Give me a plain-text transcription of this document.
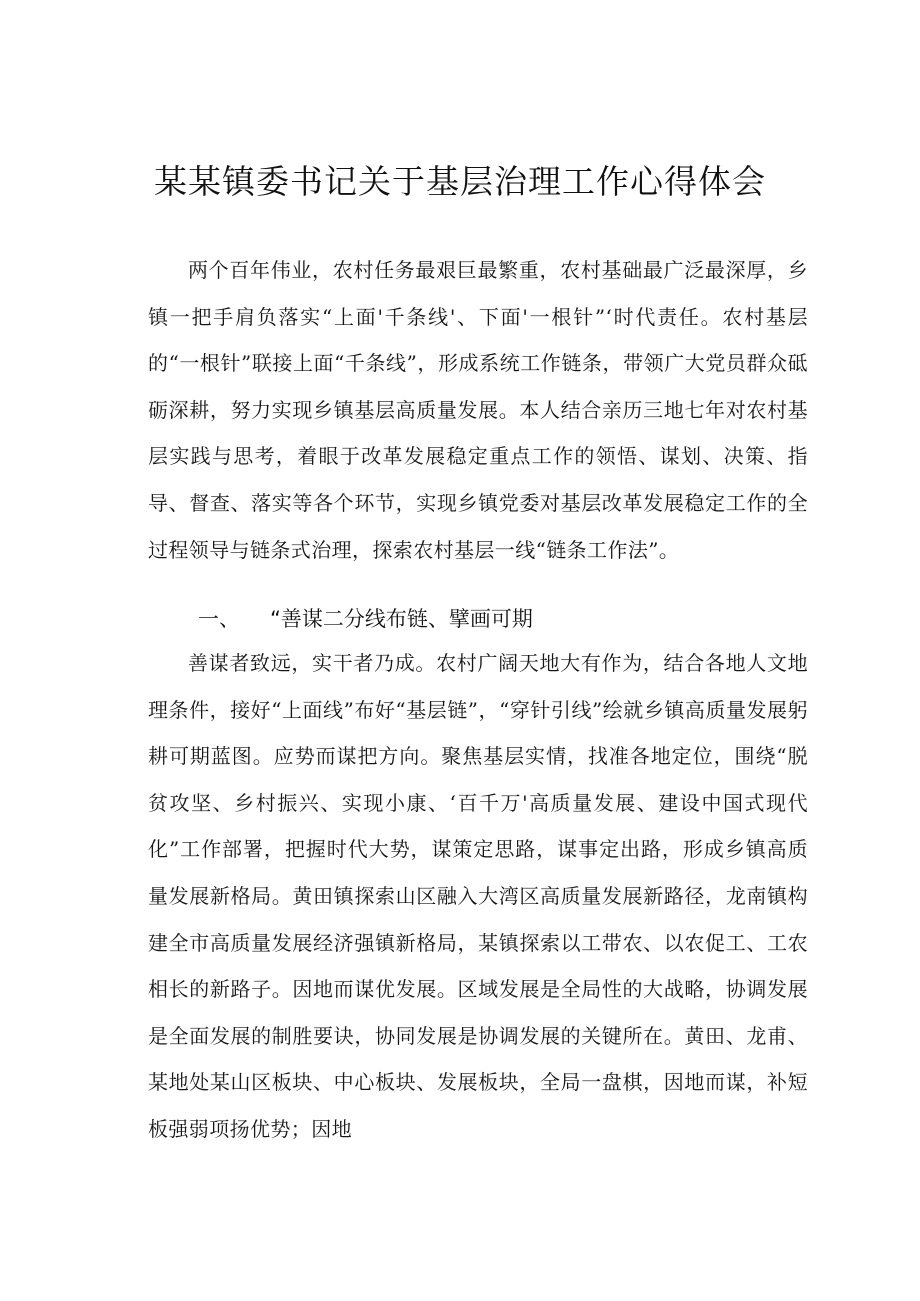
某某镇委书记关于基层治理工作心得体会

两个百年伟业，农村任务最艰巨最繁重，农村基础最广泛最深厚，乡镇一把手肩负落实“上面'千条线'、下面'一根针”‘时代责任。农村基层的“一根针”联接上面“千条线”，形成系统工作链条，带领广大党员群众砥砺深耕，努力实现乡镇基层高质量发展。本人结合亲历三地七年对农村基层实践与思考，着眼于改革发展稳定重点工作的领悟、谋划、决策、指导、督查、落实等各个环节，实现乡镇党委对基层改革发展稳定工作的全过程领导与链条式治理，探索农村基层一线“链条工作法”。

一、 “善谋二分线布链、擘画可期

善谋者致远，实干者乃成。农村广阔天地大有作为，结合各地人文地理条件，接好“上面线”布好“基层链”，“穿针引线”绘就乡镇高质量发展躬耕可期蓝图。应势而谋把方向。聚焦基层实情，找准各地定位，围绕“脱贫攻坚、乡村振兴、实现小康、‘百千万'高质量发展、建设中国式现代化”工作部署，把握时代大势，谋策定思路，谋事定出路，形成乡镇高质量发展新格局。黄田镇探索山区融入大湾区高质量发展新路径，龙南镇构建全市高质量发展经济强镇新格局，某镇探索以工带农、以农促工、工农相长的新路子。因地而谋优发展。区域发展是全局性的大战略，协调发展是全面发展的制胜要诀，协同发展是协调发展的关键所在。黄田、龙甫、某地处某山区板块、中心板块、发展板块，全局一盘棋，因地而谋，补短板强弱项扬优势；因地
